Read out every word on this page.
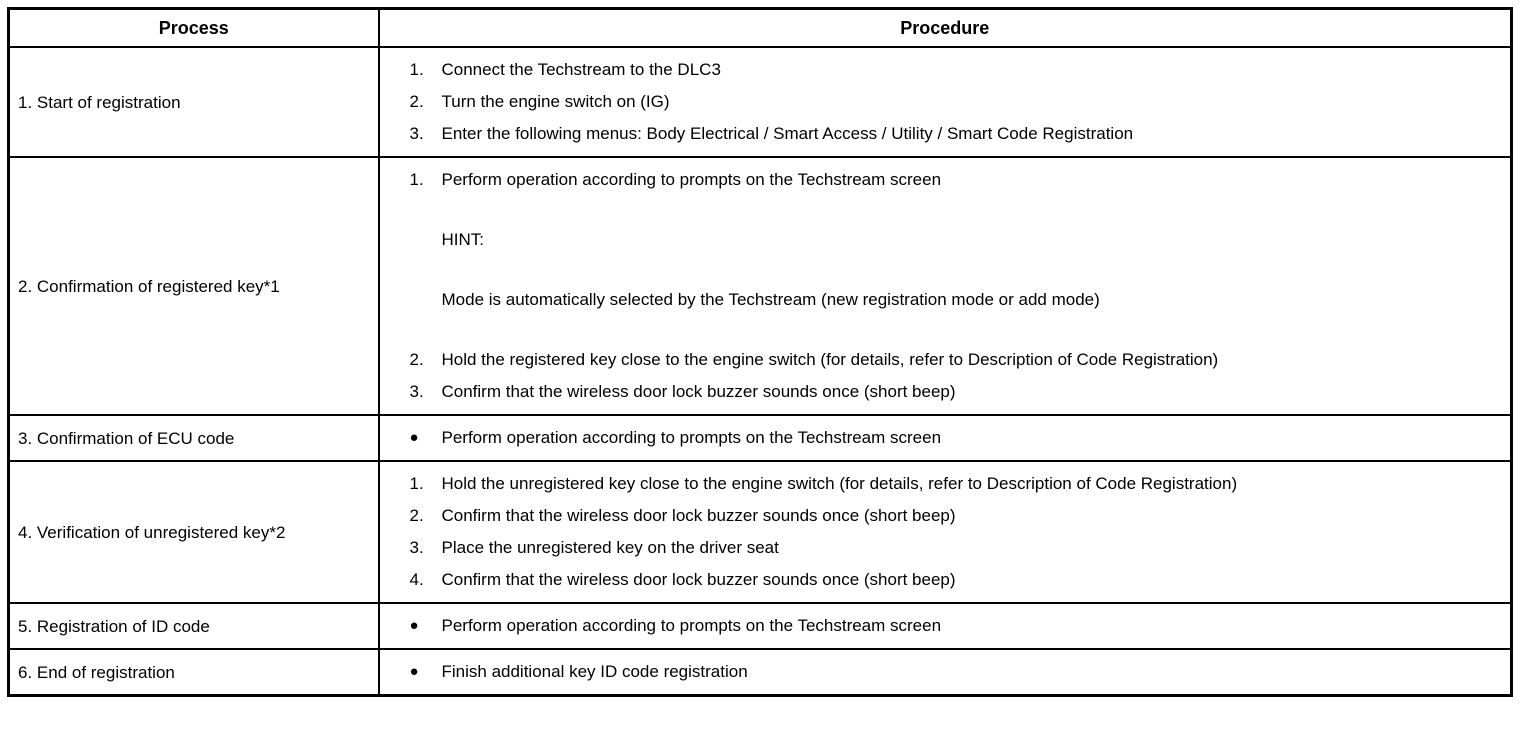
Process	Procedure
1. Start of registration	
1.	Connect the Techstream to the DLC3
2.	Turn the engine switch on (IG)
3.	Enter the following menus: Body Electrical / Smart Access / Utility / Smart Code Registration

2. Confirmation of registered key*1	
1.	Perform operation according to prompts on the Techstream screen
HINT:
Mode is automatically selected by the Techstream (new registration mode or add mode)
2.	Hold the registered key close to the engine switch (for details, refer to Description of Code Registration)
3.	Confirm that the wireless door lock buzzer sounds once (short beep)

3. Confirmation of ECU code	● Perform operation according to prompts on the Techstream screen

4. Verification of unregistered key*2	
1.	Hold the unregistered key close to the engine switch (for details, refer to Description of Code Registration)
2.	Confirm that the wireless door lock buzzer sounds once (short beep)
3.	Place the unregistered key on the driver seat
4.	Confirm that the wireless door lock buzzer sounds once (short beep)

5. Registration of ID code	● Perform operation according to prompts on the Techstream screen

6. End of registration	● Finish additional key ID code registration
